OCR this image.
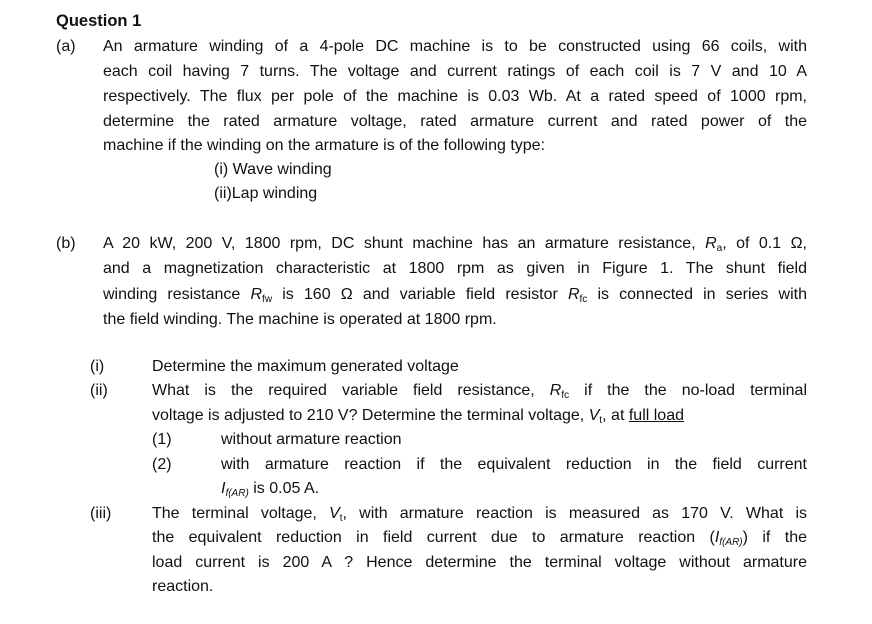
Question 1
(a) An armature winding of a 4-pole DC machine is to be constructed using 66 coils, with
each coil having 7 turns. The voltage and current ratings of each coil is 7 V and 10 A
respectively. The flux per pole of the machine is 0.03 Wb. At a rated speed of 1000 rpm,
determine the rated armature voltage, rated armature current and rated power of the
machine if the winding on the armature is of the following type:
(i) Wave winding
(ii)Lap winding
(b) A 20 kW, 200 V, 1800 rpm, DC shunt machine has an armature resistance, $R_a$, of 0.1 Ω,
and a magnetization characteristic at 1800 rpm as given in Figure 1. The shunt field
winding resistance $R_{fw}$ is 160 Ω and variable field resistor $R_{fc}$ is connected in series with
the field winding. The machine is operated at 1800 rpm.
(i)	Determine the maximum generated voltage
(ii)	What is the required variable field resistance, $R_{fc}$ if the the no-load terminal
voltage is adjusted to 210 V? Determine the terminal voltage, $V_t$, at full load
(1)	without armature reaction
(2)	with armature reaction if the equivalent reduction in the field current
$I_{f(AR)}$ is 0.05 A.
(iii)	The terminal voltage, $V_t$, with armature reaction is measured as 170 V. What is
the equivalent reduction in field current due to armature reaction $(I_{f(AR)})$ if the
load current is 200 A ? Hence determine the terminal voltage without armature
reaction.
